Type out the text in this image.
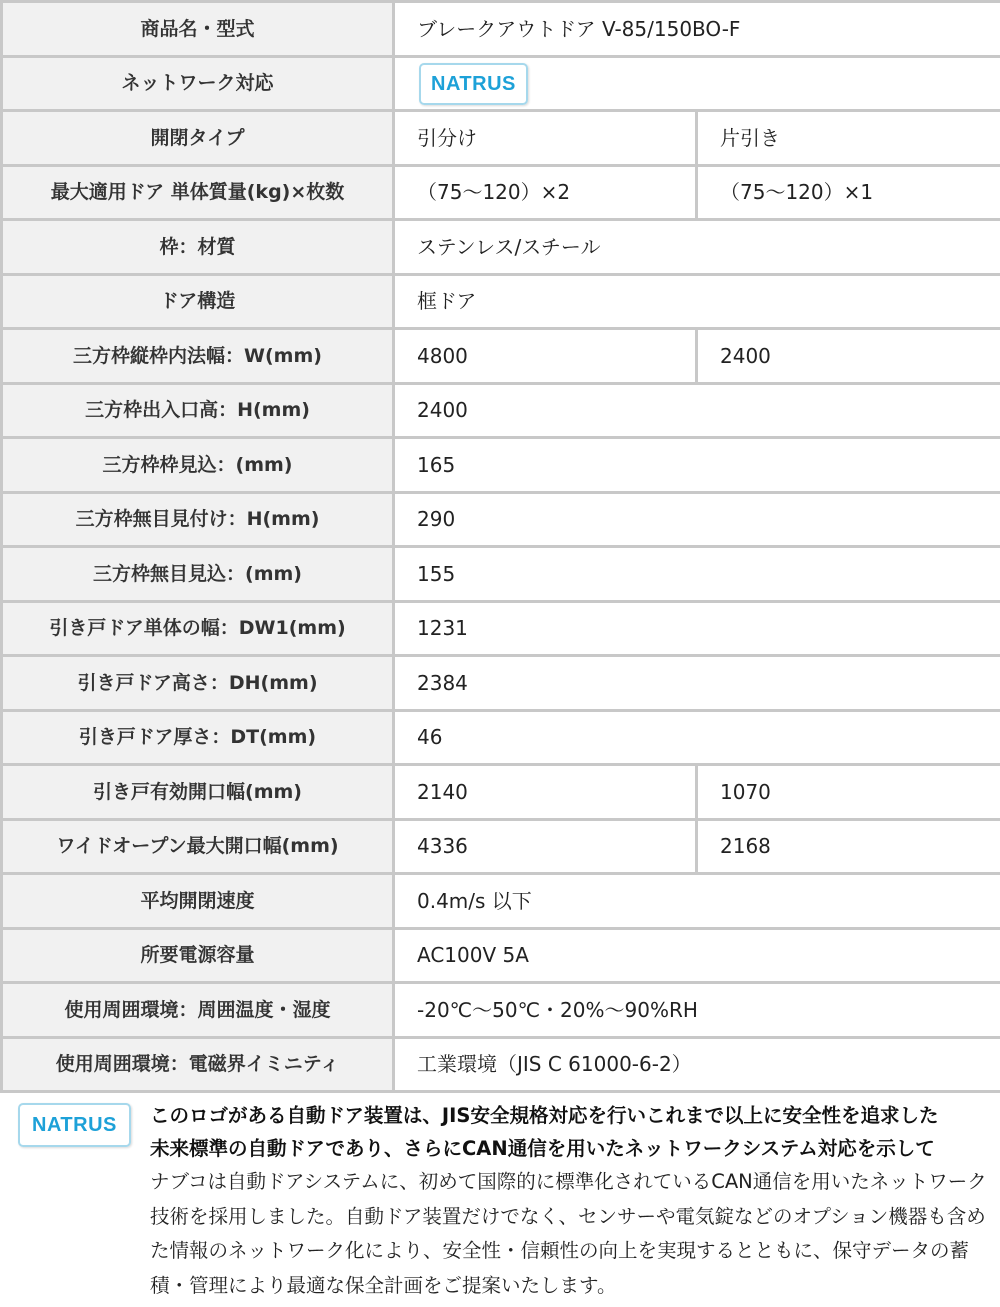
商品名・型式	ブレークアウトドア V-85/150BO-F	
ネットワーク対応	NATRUS	
開閉タイプ	引分け	片引き
最大適用ドア 単体質量(kg)×枚数	（75～120）×2	（75～120）×1
枠：材質	ステンレス/スチール	
ドア構造	框ドア	
三方枠縦枠内法幅：W(mm)	4800	2400
三方枠出入口高：H(mm)	2400	
三方枠枠見込：(mm)	165	
三方枠無目見付け：H(mm)	290	
三方枠無目見込：(mm)	155	
引き戸ドア単体の幅：DW1(mm)	1231	
引き戸ドア高さ：DH(mm)	2384	
引き戸ドア厚さ：DT(mm)	46	
引き戸有効開口幅(mm)	2140	1070
ワイドオープン最大開口幅(mm)	4336	2168
平均開閉速度	0.4m/s 以下	
所要電源容量	AC100V 5A	
使用周囲環境：周囲温度・湿度	-20℃～50℃・20%～90%RH	
使用周囲環境：電磁界イミニティ	工業環境（JIS C 61000-6-2）	
NATRUS	このロゴがある自動ドア装置は、JIS安全規格対応を行いこれまで以上に安全性を追求した
未来標準の自動ドアであり、さらにCAN通信を用いたネットワークシステム対応を示して
ナブコは自動ドアシステムに、初めて国際的に標準化されているCAN通信を用いたネットワーク技術を採用しました。自動ドア装置だけでなく、センサーや電気錠などのオプション機器も含めた情報のネットワーク化により、安全性・信頼性の向上を実現するとともに、保守データの蓄積・管理により最適な保全計画をご提案いたします。
